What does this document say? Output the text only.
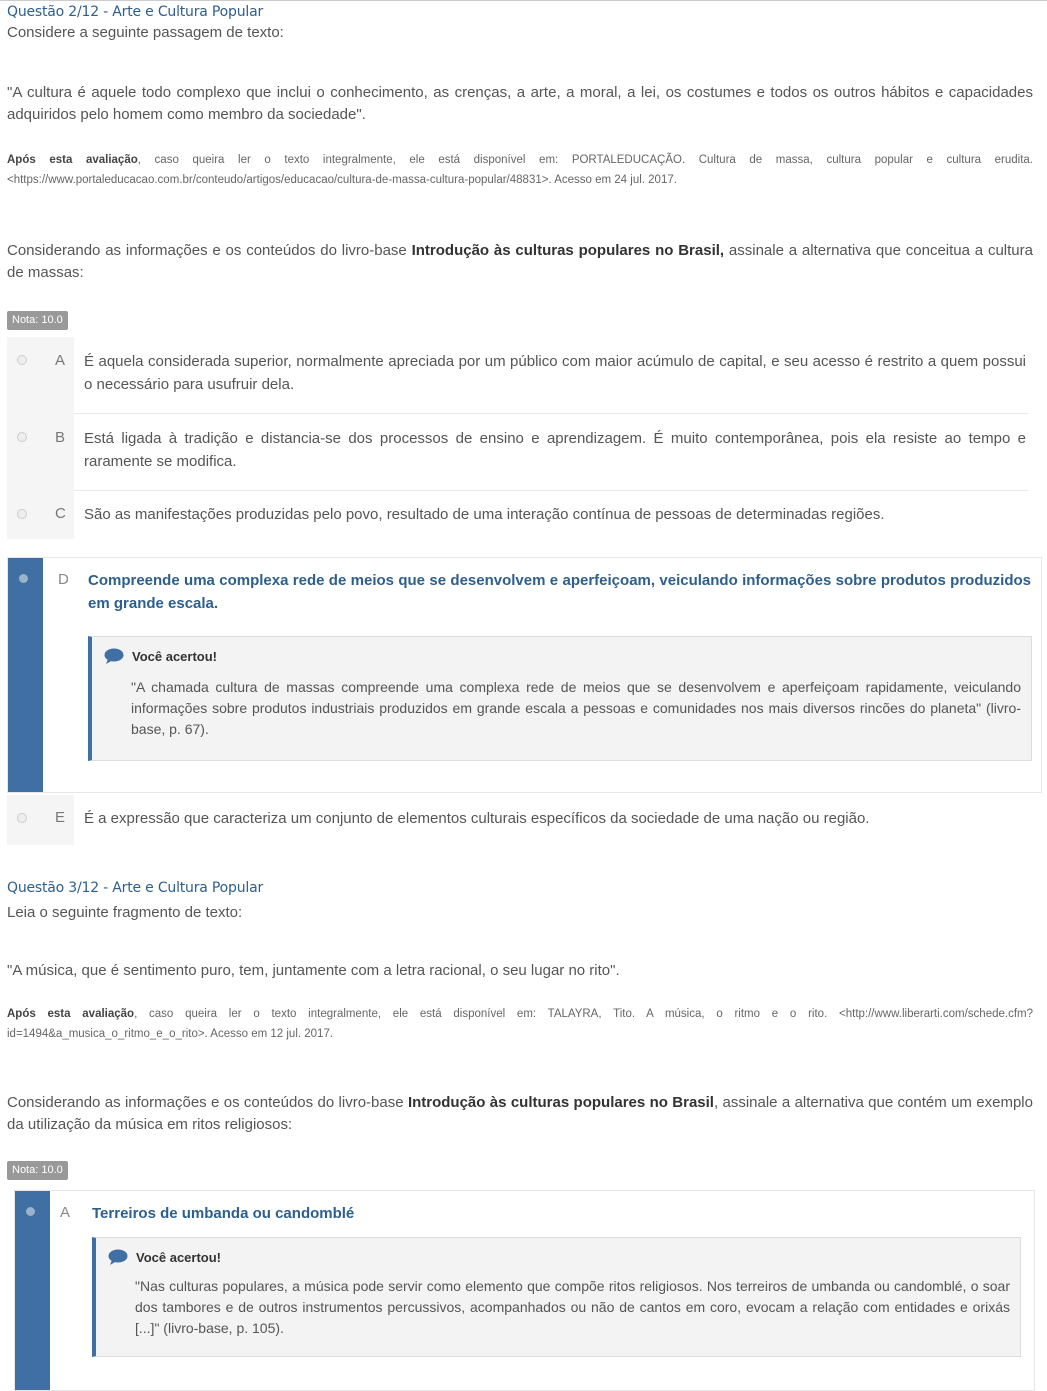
Questão 2/12 - Arte e Cultura Popular
Considere a seguinte passagem de texto:
"A cultura é aquele todo complexo que inclui o conhecimento, as crenças, a arte, a moral, a lei, os costumes e todos os outros hábitos e capacidades adquiridos pelo homem como membro da sociedade".
Após esta avaliação, caso queira ler o texto integralmente, ele está disponível em: PORTALEDUCAÇÃO. Cultura de massa, cultura popular e cultura erudita. <https://www.portaleducacao.com.br/conteudo/artigos/educacao/cultura-de-massa-cultura-popular/48831>. Acesso em 24 jul. 2017.
Considerando as informações e os conteúdos do livro-base Introdução às culturas populares no Brasil, assinale a alternativa que conceitua a cultura de massas:
Nota: 10.0
A É aquela considerada superior, normalmente apreciada por um público com maior acúmulo de capital, e seu acesso é restrito a quem possui o necessário para usufruir dela.
B Está ligada à tradição e distancia-se dos processos de ensino e aprendizagem. É muito contemporânea, pois ela resiste ao tempo e raramente se modifica.
C São as manifestações produzidas pelo povo, resultado de uma interação contínua de pessoas de determinadas regiões.
D Compreende uma complexa rede de meios que se desenvolvem e aperfeiçoam, veiculando informações sobre produtos produzidos em grande escala.
Você acertou!
"A chamada cultura de massas compreende uma complexa rede de meios que se desenvolvem e aperfeiçoam rapidamente, veiculando informações sobre produtos industriais produzidos em grande escala a pessoas e comunidades nos mais diversos rincões do planeta" (livro-base, p. 67).
E É a expressão que caracteriza um conjunto de elementos culturais específicos da sociedade de uma nação ou região.
Questão 3/12 - Arte e Cultura Popular
Leia o seguinte fragmento de texto:
"A música, que é sentimento puro, tem, juntamente com a letra racional, o seu lugar no rito".
Após esta avaliação, caso queira ler o texto integralmente, ele está disponível em: TALAYRA, Tito. A música, o ritmo e o rito. <http://www.liberarti.com/schede.cfm?id=1494&a_musica_o_ritmo_e_o_rito>. Acesso em 12 jul. 2017.
Considerando as informações e os conteúdos do livro-base Introdução às culturas populares no Brasil, assinale a alternativa que contém um exemplo da utilização da música em ritos religiosos:
Nota: 10.0
A Terreiros de umbanda ou candomblé
Você acertou!
"Nas culturas populares, a música pode servir como elemento que compõe ritos religiosos. Nos terreiros de umbanda ou candomblé, o soar dos tambores e de outros instrumentos percussivos, acompanhados ou não de cantos em coro, evocam a relação com entidades e orixás [...]" (livro-base, p. 105).
